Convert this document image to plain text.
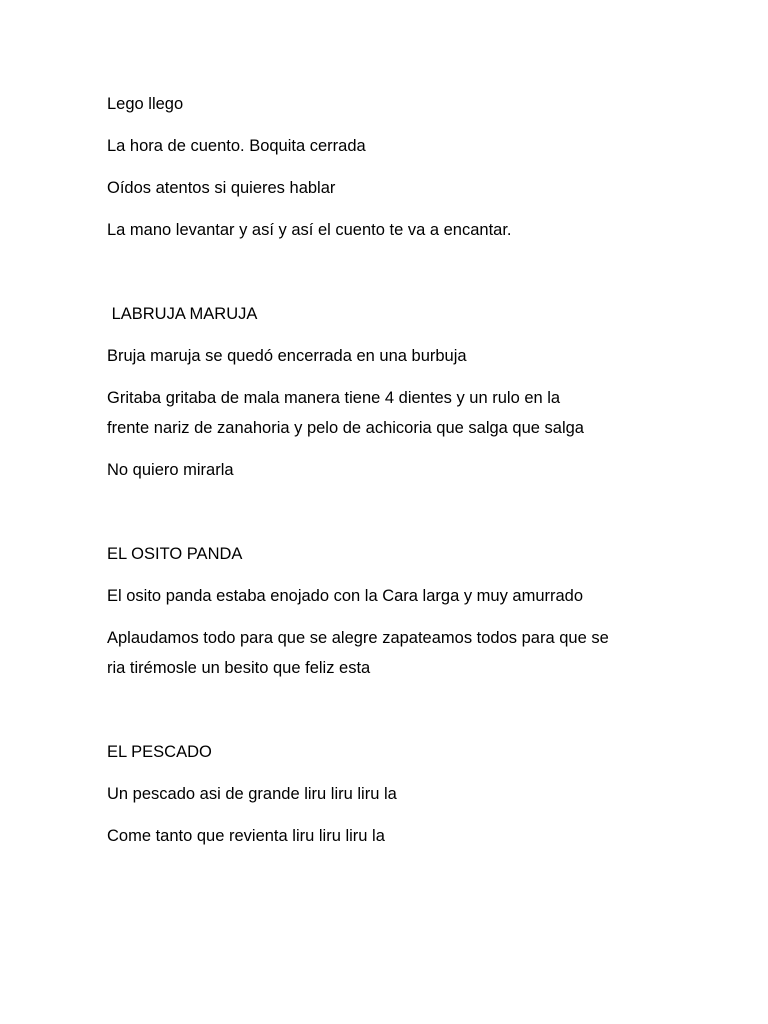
Lego llego

La hora de cuento. Boquita cerrada

Oídos atentos si quieres hablar

La mano levantar y así y así el cuento te va a encantar.

LABRUJA MARUJA

Bruja maruja se quedó encerrada en una burbuja

Gritaba gritaba de mala manera tiene 4 dientes y un rulo en la

frente nariz de zanahoria y pelo de achicoria que salga que salga

No quiero mirarla

EL OSITO PANDA

El osito panda estaba enojado con la Cara larga y muy amurrado

Aplaudamos todo para que se alegre zapateamos todos para que se

ria tirémosle un besito que feliz esta

EL PESCADO

Un pescado asi de grande liru liru liru la

Come tanto que revienta liru liru liru la
